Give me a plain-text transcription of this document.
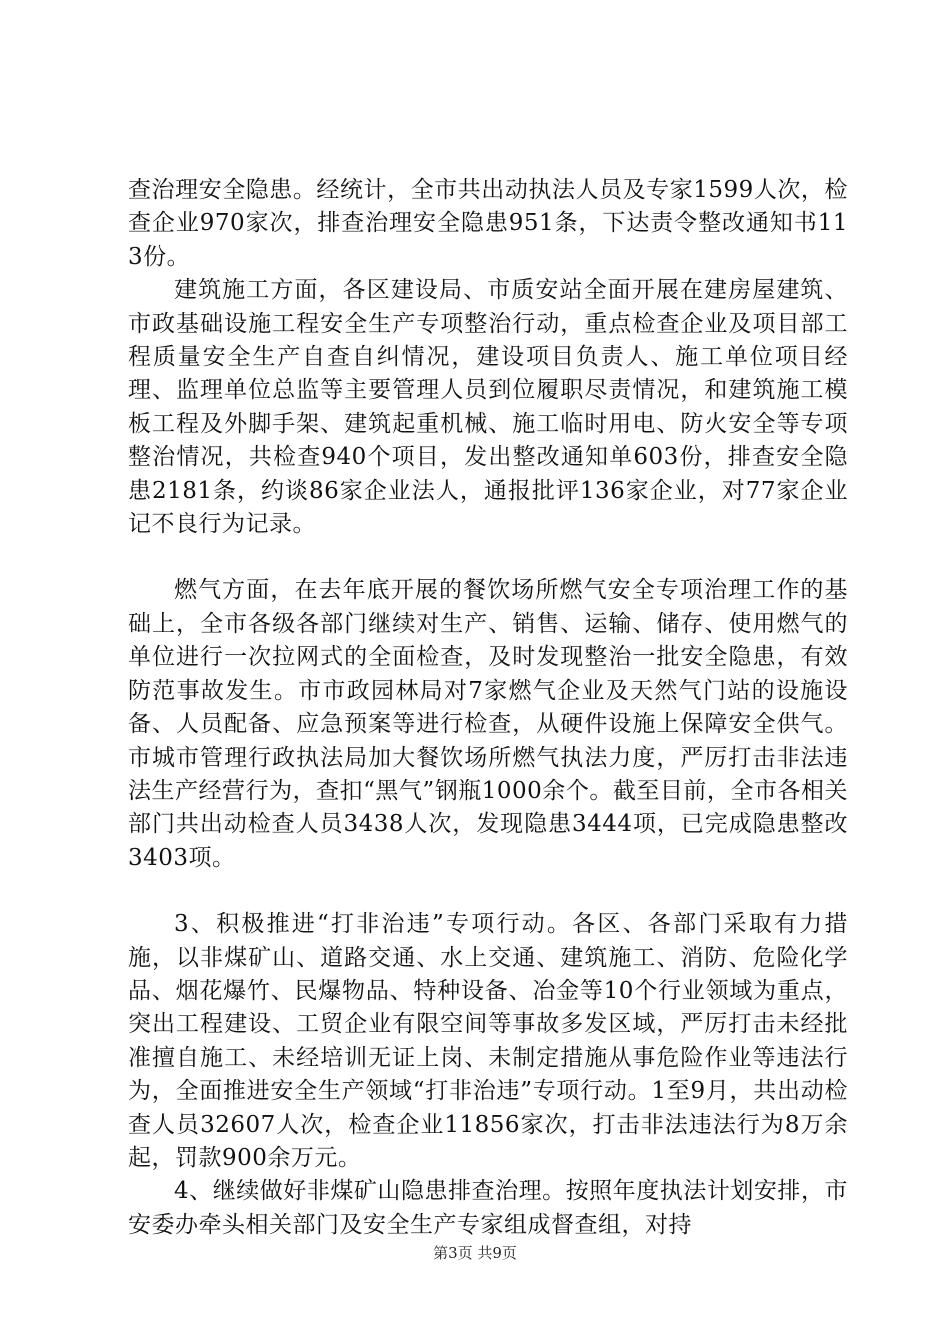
查治理安全隐患。经统计，全市共出动执法人员及专家1599人次，检查企业970家次，排查治理安全隐患951条，下达责令整改通知书113份。

建筑施工方面，各区建设局、市质安站全面开展在建房屋建筑、市政基础设施工程安全生产专项整治行动，重点检查企业及项目部工程质量安全生产自查自纠情况，建设项目负责人、施工单位项目经理、监理单位总监等主要管理人员到位履职尽责情况，和建筑施工模板工程及外脚手架、建筑起重机械、施工临时用电、防火安全等专项整治情况，共检查940个项目，发出整改通知单603份，排查安全隐患2181条，约谈86家企业法人，通报批评136家企业，对77家企业记不良行为记录。

燃气方面，在去年底开展的餐饮场所燃气安全专项治理工作的基础上，全市各级各部门继续对生产、销售、运输、储存、使用燃气的单位进行一次拉网式的全面检查，及时发现整治一批安全隐患，有效防范事故发生。市市政园林局对7家燃气企业及天然气门站的设施设备、人员配备、应急预案等进行检查，从硬件设施上保障安全供气。市城市管理行政执法局加大餐饮场所燃气执法力度，严厉打击非法违法生产经营行为，查扣“黑气”钢瓶1000余个。截至目前，全市各相关部门共出动检查人员3438人次，发现隐患3444项，已完成隐患整改3403项。

3、积极推进“打非治违”专项行动。各区、各部门采取有力措施，以非煤矿山、道路交通、水上交通、建筑施工、消防、危险化学品、烟花爆竹、民爆物品、特种设备、冶金等10个行业领域为重点，突出工程建设、工贸企业有限空间等事故多发区域，严厉打击未经批准擅自施工、未经培训无证上岗、未制定措施从事危险作业等违法行为，全面推进安全生产领域“打非治违”专项行动。1至9月，共出动检查人员32607人次，检查企业11856家次，打击非法违法行为8万余起，罚款900余万元。

4、继续做好非煤矿山隐患排查治理。按照年度执法计划安排，市安委办牵头相关部门及安全生产专家组成督查组，对持

第3页 共9页
